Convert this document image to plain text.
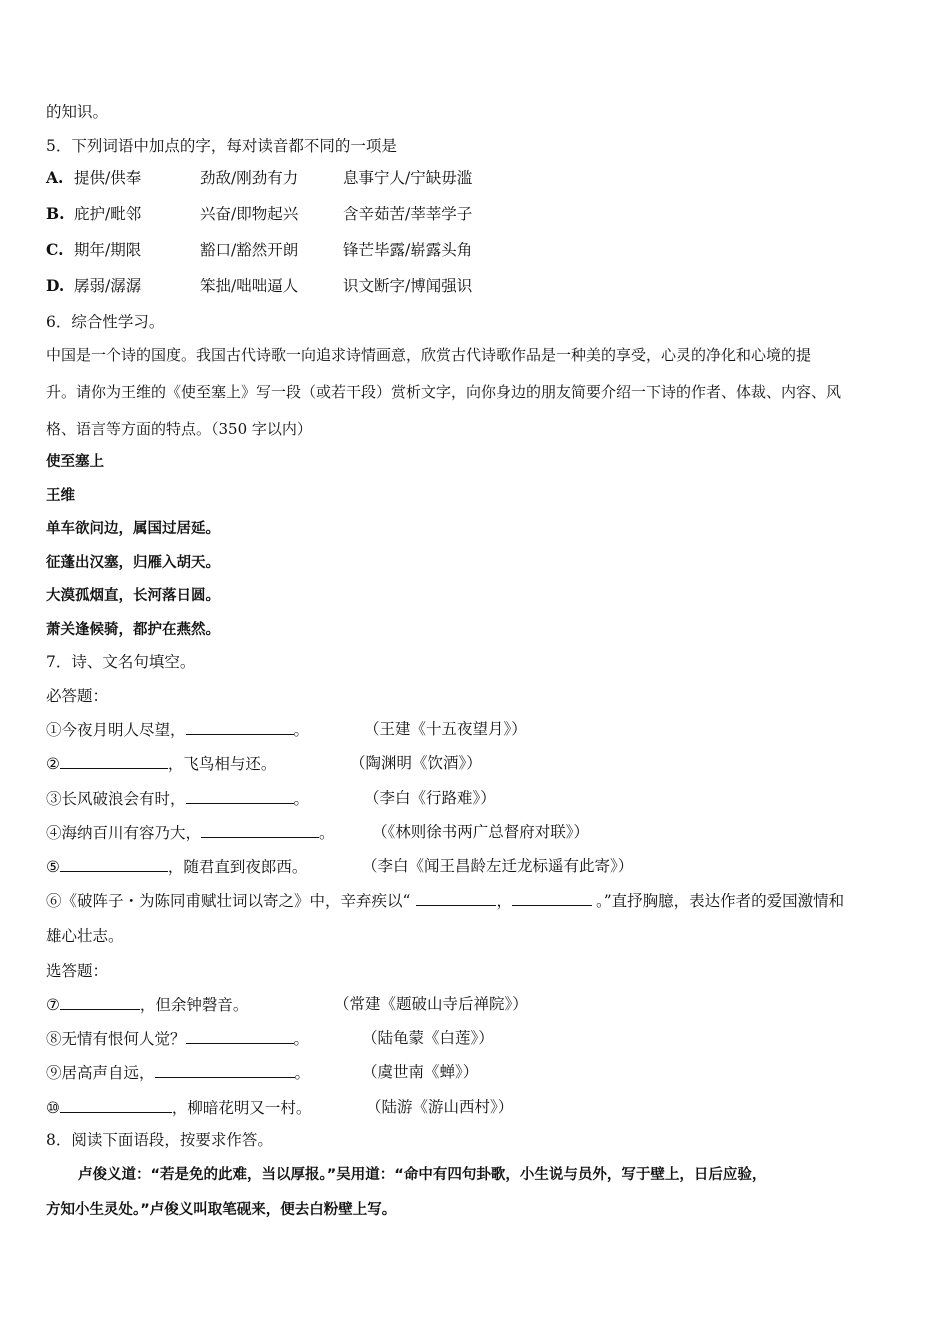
的知识。
5．下列词语中加点的字，每对读音都不同的一项是
A. 提供/供奉	劲敌/刚劲有力	息事宁人/宁缺毋滥
B. 庇护/毗邻	兴奋/即物起兴	含辛茹苦/莘莘学子
C. 期年/期限	豁口/豁然开朗	锋芒毕露/崭露头角
D. 孱弱/潺潺	笨拙/咄咄逼人	识文断字/博闻强识
6．综合性学习。
中国是一个诗的国度。我国古代诗歌一向追求诗情画意，欣赏古代诗歌作品是一种美的享受，心灵的净化和心境的提
升。请你为王维的《使至塞上》写一段（或若干段）赏析文字，向你身边的朋友简要介绍一下诗的作者、体裁、内容、风
格、语言等方面的特点。（350 字以内）
使至塞上
王维
单车欲问边，属国过居延。
征蓬出汉塞，归雁入胡天。
大漠孤烟直，长河落日圆。
萧关逢候骑，都护在燕然。
7．诗、文名句填空。
必答题：
①今夜月明人尽望，	。	（王建《十五夜望月》）
②	，飞鸟相与还。	（陶渊明《饮酒》）
③长风破浪会有时，	。	（李白《行路难》）
④海纳百川有容乃大，	。 （《林则徐书两广总督府对联》）
⑤	，随君直到夜郎西。	（李白《闻王昌龄左迁龙标遥有此寄》）
⑥《破阵子・为陈同甫赋壮词以寄之》中，辛弃疾以“	，	。”直抒胸臆，表达作者的爱国激情和
雄心壮志。
选答题：
⑦	，但余钟磬音。	（常建《题破山寺后禅院》）
⑧无情有恨何人觉？	。	（陆龟蒙《白莲》）
⑨居高声自远，	。	（虞世南《蝉》）
⑩	，柳暗花明又一村。	（陆游《游山西村》）
8．阅读下面语段，按要求作答。
卢俊义道：“若是免的此难，当以厚报。”吴用道：“命中有四句卦歌，小生说与员外，写于壁上，日后应验，
方知小生灵处。”卢俊义叫取笔砚来，便去白粉壁上写。
